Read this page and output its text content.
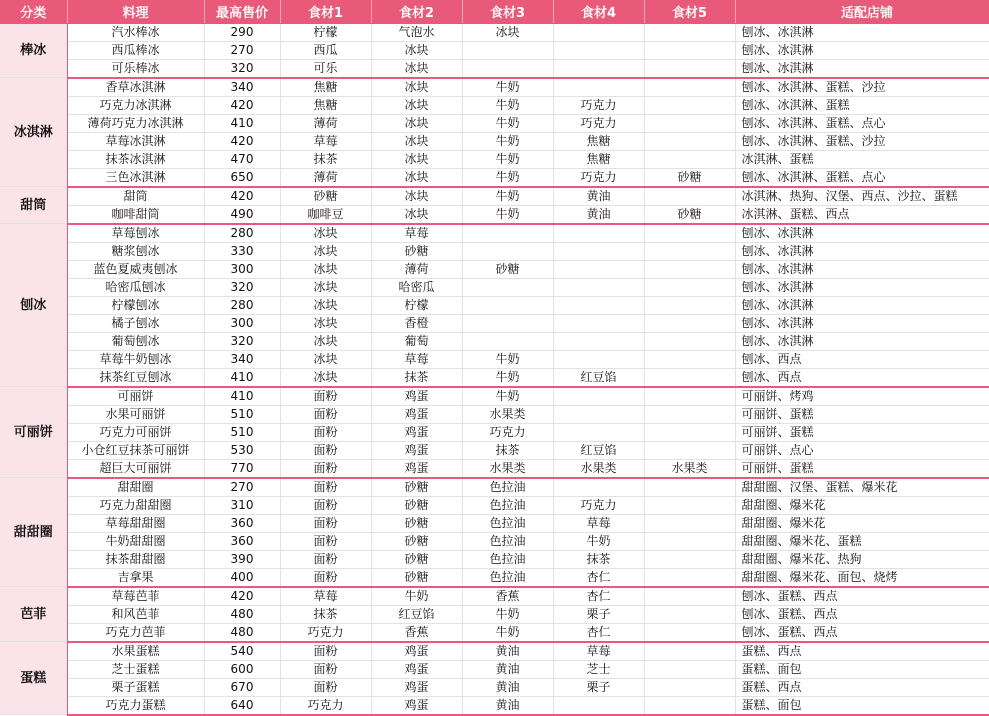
分类	料理	最高售价	食材1	食材2	食材3	食材4	食材5	适配店铺
棒冰	汽水棒冰	290	柠檬	气泡水	冰块			刨冰、冰淇淋
	西瓜棒冰	270	西瓜	冰块				刨冰、冰淇淋
	可乐棒冰	320	可乐	冰块				刨冰、冰淇淋
冰淇淋	香草冰淇淋	340	焦糖	冰块	牛奶			刨冰、冰淇淋、蛋糕、沙拉
	巧克力冰淇淋	420	焦糖	冰块	牛奶	巧克力		刨冰、冰淇淋、蛋糕
	薄荷巧克力冰淇淋	410	薄荷	冰块	牛奶	巧克力		刨冰、冰淇淋、蛋糕、点心
	草莓冰淇淋	420	草莓	冰块	牛奶	焦糖		刨冰、冰淇淋、蛋糕、沙拉
	抹茶冰淇淋	470	抹茶	冰块	牛奶	焦糖		冰淇淋、蛋糕
	三色冰淇淋	650	薄荷	冰块	牛奶	巧克力	砂糖	刨冰、冰淇淋、蛋糕、点心
甜筒	甜筒	420	砂糖	冰块	牛奶	黄油		冰淇淋、热狗、汉堡、西点、沙拉、蛋糕
	咖啡甜筒	490	咖啡豆	冰块	牛奶	黄油	砂糖	冰淇淋、蛋糕、西点
刨冰	草莓刨冰	280	冰块	草莓				刨冰、冰淇淋
	糖浆刨冰	330	冰块	砂糖				刨冰、冰淇淋
	蓝色夏威夷刨冰	300	冰块	薄荷	砂糖			刨冰、冰淇淋
	哈密瓜刨冰	320	冰块	哈密瓜				刨冰、冰淇淋
	柠檬刨冰	280	冰块	柠檬				刨冰、冰淇淋
	橘子刨冰	300	冰块	香橙				刨冰、冰淇淋
	葡萄刨冰	320	冰块	葡萄				刨冰、冰淇淋
	草莓牛奶刨冰	340	冰块	草莓	牛奶			刨冰、西点
	抹茶红豆刨冰	410	冰块	抹茶	牛奶	红豆馅		刨冰、西点
可丽饼	可丽饼	410	面粉	鸡蛋	牛奶			可丽饼、烤鸡
	水果可丽饼	510	面粉	鸡蛋	水果类			可丽饼、蛋糕
	巧克力可丽饼	510	面粉	鸡蛋	巧克力			可丽饼、蛋糕
	小仓红豆抹茶可丽饼	530	面粉	鸡蛋	抹茶	红豆馅		可丽饼、点心
	超巨大可丽饼	770	面粉	鸡蛋	水果类	水果类	水果类	可丽饼、蛋糕
甜甜圈	甜甜圈	270	面粉	砂糖	色拉油			甜甜圈、汉堡、蛋糕、爆米花
	巧克力甜甜圈	310	面粉	砂糖	色拉油	巧克力		甜甜圈、爆米花
	草莓甜甜圈	360	面粉	砂糖	色拉油	草莓		甜甜圈、爆米花
	牛奶甜甜圈	360	面粉	砂糖	色拉油	牛奶		甜甜圈、爆米花、蛋糕
	抹茶甜甜圈	390	面粉	砂糖	色拉油	抹茶		甜甜圈、爆米花、热狗
	吉拿果	400	面粉	砂糖	色拉油	杏仁		甜甜圈、爆米花、面包、烧烤
芭菲	草莓芭菲	420	草莓	牛奶	香蕉	杏仁		刨冰、蛋糕、西点
	和风芭菲	480	抹茶	红豆馅	牛奶	栗子		刨冰、蛋糕、西点
	巧克力芭菲	480	巧克力	香蕉	牛奶	杏仁		刨冰、蛋糕、西点
蛋糕	水果蛋糕	540	面粉	鸡蛋	黄油	草莓		蛋糕、西点
	芝士蛋糕	600	面粉	鸡蛋	黄油	芝士		蛋糕、面包
	栗子蛋糕	670	面粉	鸡蛋	黄油	栗子		蛋糕、西点
	巧克力蛋糕	640	巧克力	鸡蛋	黄油			蛋糕、面包
